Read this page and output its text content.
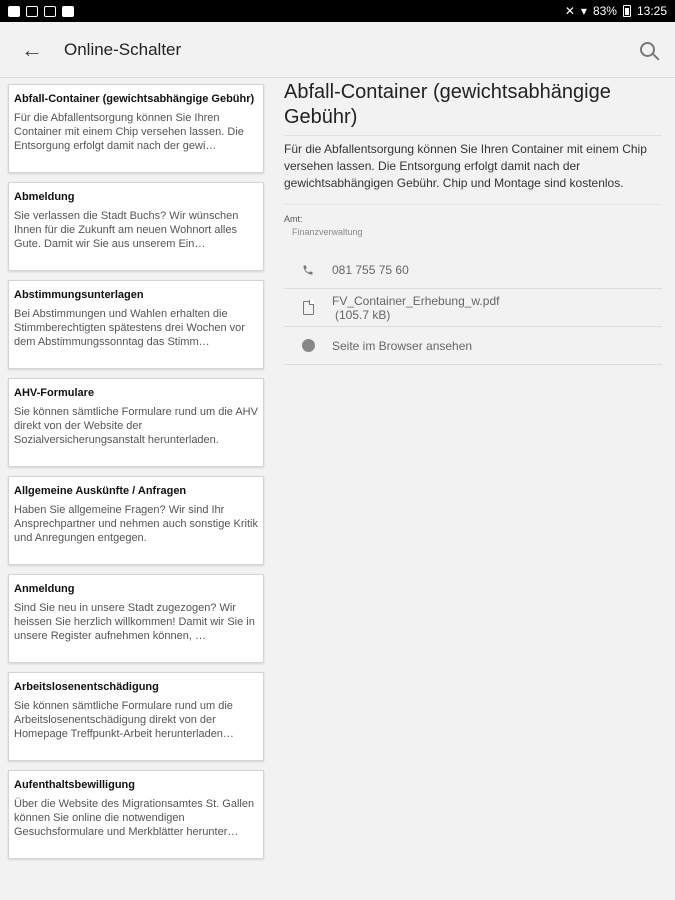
✕ ▾ 83% 13:25
←	Online-Schalter
Abfall-Container (gewichtsabhängige Gebühr)
Für die Abfallentsorgung können Sie Ihren Container mit einem Chip versehen lassen. Die Entsorgung erfolgt damit nach der gewi…
Abmeldung
Sie verlassen die Stadt Buchs? Wir wünschen Ihnen für die Zukunft am neuen Wohnort alles Gute. Damit wir Sie aus unserem Ein…
Abstimmungsunterlagen
Bei Abstimmungen und Wahlen erhalten die Stimmberechtigten spätestens drei Wochen vor dem Abstimmungssonntag das Stimm…
AHV-Formulare
Sie können sämtliche Formulare rund um die AHV direkt von der Website der Sozialversicherungsanstalt herunterladen.
Allgemeine Auskünfte / Anfragen
Haben Sie allgemeine Fragen? Wir sind Ihr Ansprechpartner und nehmen auch sonstige Kritik und Anregungen entgegen.
Anmeldung
Sind Sie neu in unsere Stadt zugezogen? Wir heissen Sie herzlich willkommen! Damit wir Sie in unsere Register aufnehmen können, …
Arbeitslosenentschädigung
Sie können sämtliche Formulare rund um die Arbeitslosenentschädigung direkt von der Homepage Treffpunkt-Arbeit herunterladen…
Aufenthaltsbewilligung
Über die Website des Migrationsamtes St. Gallen können Sie online die notwendigen Gesuchsformulare und Merkblätter herunter…
Abfall-Container (gewichtsabhängige Gebühr)
Für die Abfallentsorgung können Sie Ihren Container mit einem Chip versehen lassen. Die Entsorgung erfolgt damit nach der gewichtsabhängigen Gebühr. Chip und Montage sind kostenlos.
Amt:
Finanzverwaltung
081 755 75 60
FV_Container_Erhebung_w.pdf
(105.7 kB)
Seite im Browser ansehen
